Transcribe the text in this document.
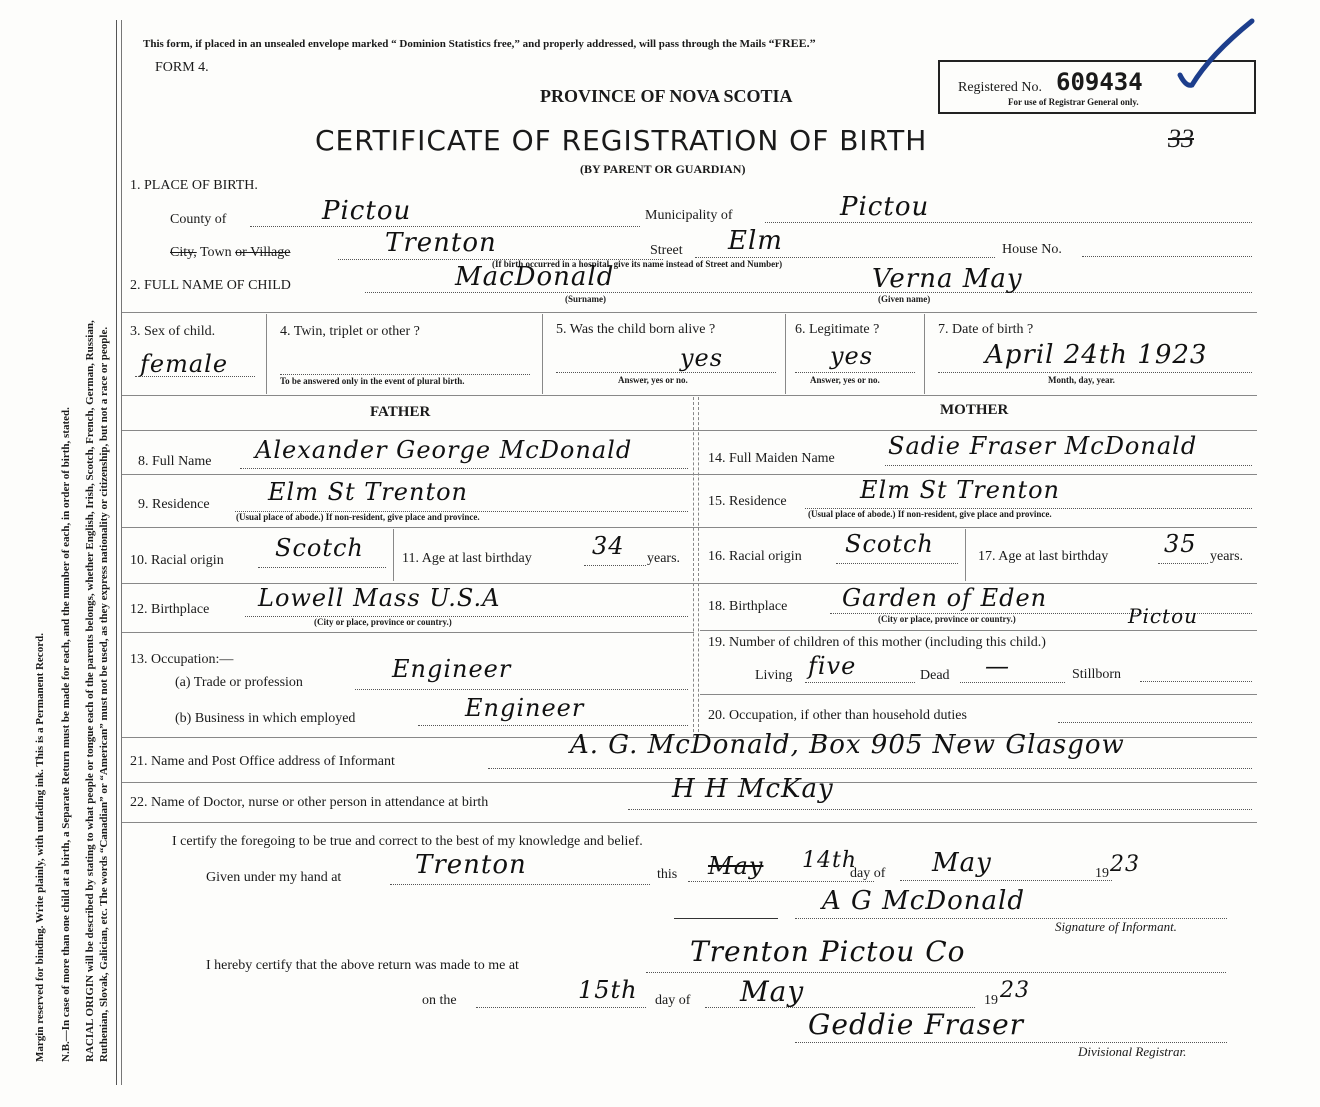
Margin reserved for binding. Write plainly, with unfading ink. This is a Permanent Record. N.B.—In case of more than one child at a birth, a Separate Return must be made for each, and the number of each, in order of birth, stated. RACIAL ORIGIN will be described by stating to what people or tongue each of the parents belongs, whether English, Irish, Scotch, French, German, Russian, Ruthenian, Slovak, Galician, etc. The words “Canadian” or “American” must not be used, as they express nationality or citizenship, but not a race or people.
This form, if placed in an unsealed envelope marked “ Dominion Statistics free,” and properly addressed, will pass through the Mails “FREE.”
FORM 4.
PROVINCE OF NOVA SCOTIA	Registered No. 609434
For use of Registrar General only.
CERTIFICATE OF REGISTRATION OF BIRTH
(BY PARENT OR GUARDIAN)
33
1. PLACE OF BIRTH.
County of	Pictou	Municipality of	Pictou
City, Town or Village	Trenton	Street Elm	House No.
(If birth occurred in a hospital, give its name instead of Street and Number)
2. FULL NAME OF CHILD	MacDonald
(Surname)
Verna May
(Given name)
3. Sex of child.
female
4. Twin, triplet or other ?
To be answered only in the event of plural birth.
5. Was the child born alive ?
yes
Answer, yes or no.
6. Legitimate ?
yes
Answer, yes or no.
7. Date of birth ?
April 24th 1923
Month, day, year.
FATHER	MOTHER
8. Full Name Alexander George McDonald	14. Full Maiden Name Sadie Fraser McDonald
9. Residence Elm St Trenton
(Usual place of abode.) If non-resident, give place and province.
15. Residence	Elm St Trenton
(Usual place of abode.) If non-resident, give place and province.
10. Racial origin Scotch	11. Age at last birthday	34 years. 16. Racial origin Scotch	17. Age at last birthday 35 years.
12. Birthplace Lowell Mass U.S.A
(City or place, province or country.)
18. Birthplace Garden of Eden
Pictou
(City or place, province or country.)
13. Occupation:—
(a) Trade or profession	Engineer
(b) Business in which employed	Engineer
19. Number of children of this mother (including this child.)
Living five	Dead —	Stillborn
20. Occupation, if other than household duties
21. Name and Post Office address of Informant
A. G. McDonald, Box 905 New Glasgow
22. Name of Doctor, nurse or other person in attendance at birth	H H McKay
I certify the foregoing to be true and correct to the best of my knowledge and belief.
Given under my hand at	Trenton	this May 14th
day of May	19 23
A G McDonald
Signature of Informant.
I hereby certify that the above return was made to me at	Trenton Pictou Co
on the	15th day of May	19 23
Geddie Fraser
Divisional Registrar.
